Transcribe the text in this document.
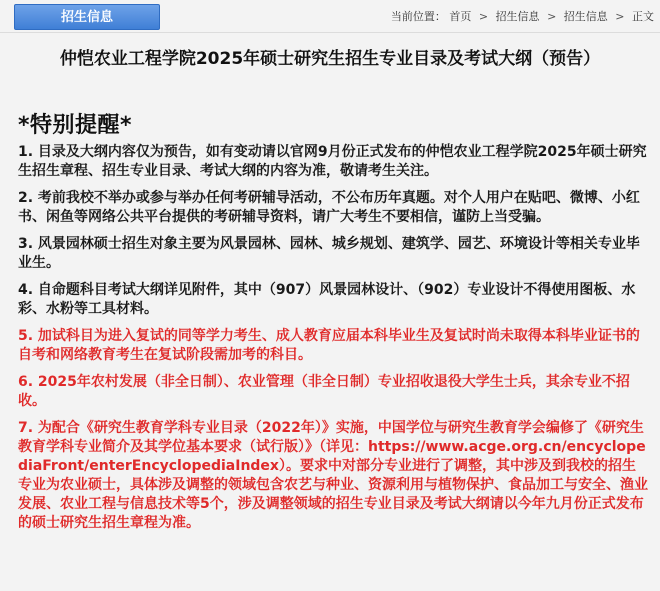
招生信息	当前位置： 首页 > 招生信息 > 招生信息 > 正文
仲恺农业工程学院2025年硕士研究生招生专业目录及考试大纲（预告）
*特别提醒*
1. 目录及大纲内容仅为预告，如有变动请以官网9月份正式发布的仲恺农业工程学院2025年硕士研究生招生章程、招生专业目录、考试大纲的内容为准，敬请考生关注。
2. 考前我校不举办或参与举办任何考研辅导活动，不公布历年真题。对个人用户在贴吧、微博、小红书、闲鱼等网络公共平台提供的考研辅导资料，请广大考生不要相信，谨防上当受骗。
3. 风景园林硕士招生对象主要为风景园林、园林、城乡规划、建筑学、园艺、环境设计等相关专业毕业生。
4. 自命题科目考试大纲详见附件，其中（907）风景园林设计、（902）专业设计不得使用图板、水彩、水粉等工具材料。
5. 加试科目为进入复试的同等学力考生、成人教育应届本科毕业生及复试时尚未取得本科毕业证书的自考和网络教育考生在复试阶段需加考的科目。
6. 2025年农村发展（非全日制）、农业管理（非全日制）专业招收退役大学生士兵，其余专业不招收。
7. 为配合《研究生教育学科专业目录（2022年）》实施，中国学位与研究生教育学会编修了《研究生教育学科专业简介及其学位基本要求（试行版）》（详见：https://www.acge.org.cn/encyclopediaFront/enterEncyclopediaIndex）。要求中对部分专业进行了调整，其中涉及到我校的招生专业为农业硕士，具体涉及调整的领域包含农艺与种业、资源利用与植物保护、食品加工与安全、渔业发展、农业工程与信息技术等5个，涉及调整领域的招生专业目录及考试大纲请以今年九月份正式发布的硕士研究生招生章程为准。
